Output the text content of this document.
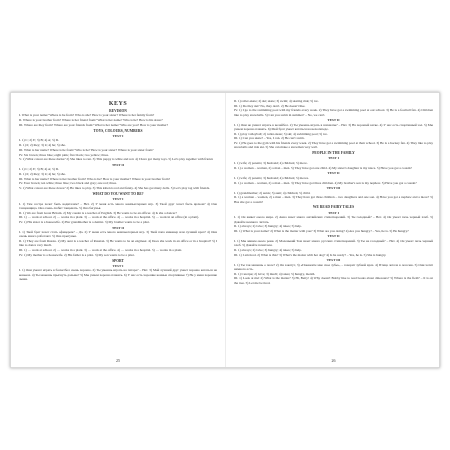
KEYS
REVISION
I. What is your name? Where is he from? Who is she? How is your sister? Where is her family from?
II. Where is your brother from? Where is her friend from? What is her name? Who is he? How is his sister?
III. Where are they from? Where are your friends from? What is her name? Who are you? How is your mother?
TOYS, COLOURS, NUMBERS
TEST I
I. 1) C; 2) E; 3) B; 4) A; 5) D.
II. 1) 6; 2) they; 3) it; 4) he; 5) she.
III. What is her name? Where is he from? Who is he? How is your sister? Where is your sister from?
IV. Six brown; three blue; eight pink; five black; two yellow; three.
V. 1) What colour are these ducks? 2) She likes to run. 3) This puppy is white and red. 4) I have got many toys. 5) Let's play together with friend.
TEST II
I. 1) C; 2) E; 3) B; 4) A; 5) D.
II. 1) 6; 2) they; 3) it; 4) he; 5) she.
III. What is her name? Where is her brother from? Who is he? How is your mother? Where is your brother from?
IV. Four brown; ten white; three blue; two black and grey; one red; three.
V. 1) What colour are these doves? 2) He likes to play. 3) This kitten is red and funny. 4) She has got many dolls. 5) Let's play tag with friends.
WHAT DO YOU WANT TO BE?
TEST I
I. 1) Там сестра хочет быть водителем? – Нет. 2) У меня есть много компьютерных игр. 3) Твой друг хочет быть врачом? 4) Она танцовщица. Она очень любит танцевать. 5) Она бегунья.
II. 1) We are from Great Britain. 2) My cousin is a teacher of English. 3) He wants to be an officer. 4) Is she a dancer?
III. 1) … work at school. 2) … works in a plant. 3) … work at the office. 4) … works in a hospital. 5) … work in an office (in a plant).
IV. 1) His sister is a housewife. 2) Her grandmother is a dentist. 3) My brother wants to be a pilot.
TEST II
I. 1) Твой брат хочет стать офицером? – Да. 2) У меня есть много компьютерных игр. 3) Твой папа инженер или лучший врач? 4) Они очень много работают. 5) Она прыгунья.
II. 1) They are from Russia. 2) My aunt is a teacher of Russian. 3) He wants to be an engineer. 4) Does she work in an office or in a hospital? 5) I like to dance very much.
III. 1) … work at school. 2) … works in a plant. 3) … work at the office. 4) … works in a hospital. 5) … works in a plant.
IV. 1) My mother is a housewife. 2) His father is a pilot. 3) My son wants to be a pilot.
SPORT
TEST I
I. 1) Они умеют играть в баскетбол очень хорошо. 2) Ты умеешь играть на гитаре? – Нет. 3) Мой лучший друг умеет хорошо кататься на коньках. 4) Ты можешь прыгнуть дальше? 5) Мы умеем хорошо плавать. 6) У нас есть хорошие конные спортивные 7) Не у меня хорошие лыжи.
25
II. 1) roller-skate; 2) ski; skate; 3) swim; 4) skating rink; 5) ice.
III. 1) Do they ski? No, they don't. 2) He doesn't like.
IV. 1) I go to the swimming pool with my friends every week. 2) They have got a swimming pool at our school. 3) He is a football fan. 4) Children like to play snowballs. 5) Can you swim in summer? – No, we can't.
TEST II
I. 1) Они не умеют играть в волейбол. 2) Ты умеешь играть в шахматы? – Нет. 3) На хорошей катке. 4) У нас есть спортивный зал. 5) Мы умеем хорошо плавать. 6) Мой брат умеет кататься на велосипеде.
II. 1) play volleyball; 2) roller-skate; 3) ski; 4) swimming pool; 5) ice.
III. 1) Can you skate? – Yes, I can. 2) He can't swim.
IV. 1) He goes to the gym with his friends every week. 2) They have got a swimming pool at their school. 3) He is a hockey fan. 4) They like to play snowballs and ride ski. 5) She can make a snowman very well.
PEOPLE IN THE FAMILY
TEST I
I. 1) wife; 2) parents; 3) husband; 4) children; 5) niece.
II. 1) a woman – women, 2) a man – men. 5) They have got one child. 4) My sister's daughter is my niece. 5) Have you got a cousin?
TEST II
I. 1) wife; 2) parents; 3) husband; 4) children; 5) nieces.
II. 1) a woman – women, 2) a man – men. 3) They have got three children. 4) My brother's son is my nephew. 5) Have you got a cousin?
TEST III
I. 1) grandmother; 2) aunts; 3) aunt; 4) children; 5) child.
II. 1) a woman – women, 2) a man – men. 3) They have got three children – two daughters and one son. 4) Have you got a nephew and a niece? 5) Has she got a cousin?
WE READ FAIRY TALES
TEST I
I. 1) Он живет около мира. 2) Анна знает много английских стихотворений. 3) Ты голодный? – Нет. 4) Он умеет печь черный хлеб. 5) Давайте немного читать.
II. 1) always; 2) Give; 3) hungry; 4) takes; 5) help.
III. 1) What is your name? 2) What is the matter with you? 3) What are you doing? 4) Are you hungry? – Yes, he is. 5) He hungry?
TEST II
I. 1) Мы живем около реки. 2) Маленький Том знает много русских стихотворений. 3) Ты не голодный? – Нет. 4) Он умеет печь черный хлеб. 5) Давайте почитаем.
II. 1) always; 2) Give; 3) hungry; 4) takes; 5) help.
III. 1) I am tired. 2) What is this? 3) What's the matter with her dog? 4) Is he ready? – Yes, he is. 5) She is hungry.
TEST III
I. 1) Ты так машешь о поле? 2) Он закатут, 3) «Покажите мне свое зубы», – говорит зубной врач. 4) Птица летела в лесочек. 5) Они хотят немного есть.
II. 1) Смотри; 2) Give; 3) much; 4) takes; 5) hungry, month.
III. 1) Look at me! 2) What is the matter? 3) Hi, Betty! 4) Why doesn't Bobby like to read books about dinosaurs? 5) Where is the field? – It is on the tree. 5) Let me be tired.
26
